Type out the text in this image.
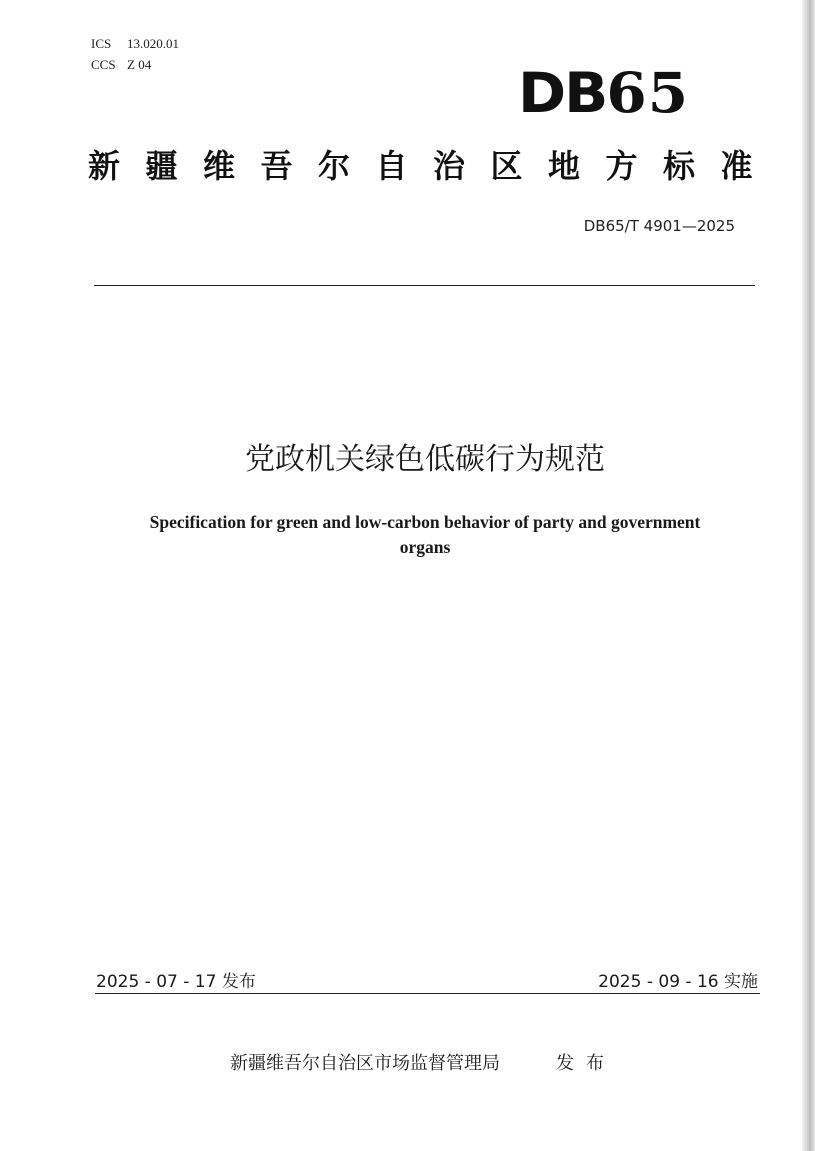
ICS 13.020.01
CCS Z 04	DB65
新疆维吾尔自治区地方标准
DB65/T 4901—2025
党政机关绿色低碳行为规范
Specification for green and low-carbon behavior of party and government
organs
2025 - 07 - 17 发布	2025 - 09 - 16 实施
新疆维吾尔自治区市场监督管理局	发布
